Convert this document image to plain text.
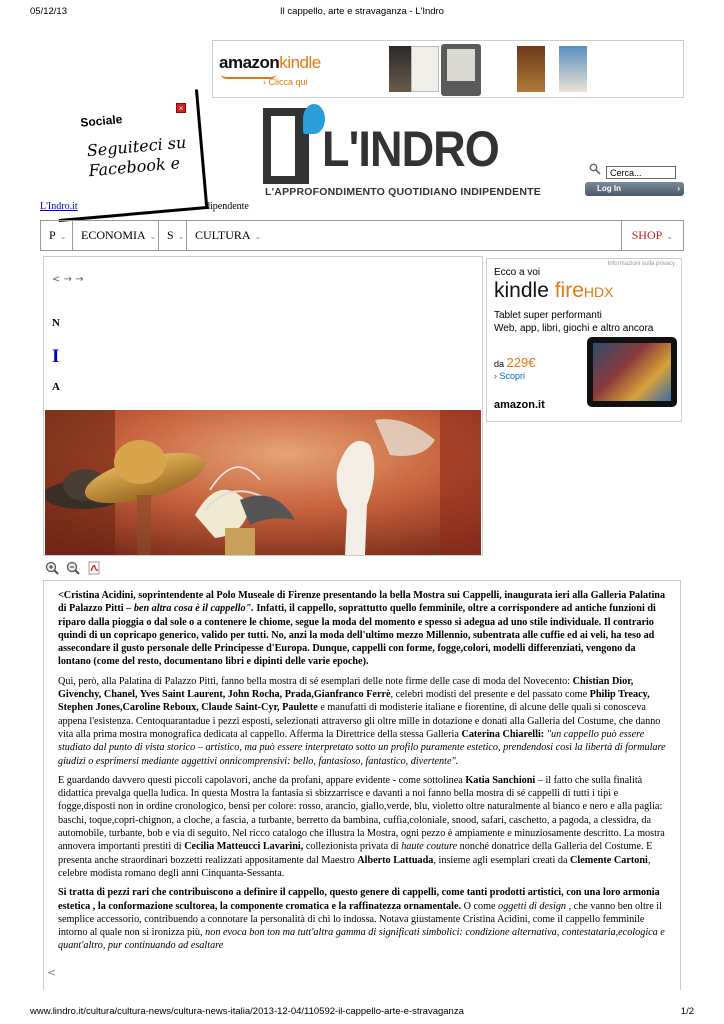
05/12/13	Il cappello, arte e stravaganza - L'Indro
amazonkindle
› Clicca qui
Sociale
Seguiteci su Facebook e
×
L'INDRO
L'APPROFONDIMENTO QUOTIDIANO INDIPENDENTE
Cerca...
Log In	›
L'Indro.it	dipendente
P ⌄	ECONOMIA ⌄ S ⌄ CULTURA ⌄	SHOP ⌄
< → →
N
I
A
Informazioni sulla privacy
Ecco a voi
kindle fireHDX
Tablet super performanti
Web, app, libri, giochi e altro ancora
da 229€
› Scopri
amazon.it

<Cristina Acidini, soprintendente al Polo Museale di Firenze presentando la bella Mostra sui Cappelli, inaugurata ieri alla Galleria Palatina di Palazzo Pitti – ben altra cosa è il cappello". Infatti, il cappello, soprattutto quello femminile, oltre a corrispondere ad antiche funzioni di riparo dalla pioggia o dal sole o a contenere le chiome, segue la moda del momento e spesso si adegua ad uno stile individuale. Il contrario quindi di un copricapo generico, valido per tutti. No, anzi la moda dell'ultimo mezzo Millennio, subentrata alle cuffie ed ai veli, ha teso ad assecondare il gusto personale delle Principesse d'Europa. Dunque, cappelli con forme, fogge,colori, modelli differenziati, vengono da lontano (come del resto, documentano libri e dipinti delle varie epoche).

Qui, però, alla Palatina di Palazzo Pitti, fanno bella mostra di sé esemplari delle note firme delle case di moda del Novecento: Chistian Dior, Givenchy, Chanel, Yves Saint Laurent, John Rocha, Prada,Gianfranco Ferrè, celebri modisti del presente e del passato come Philip Treacy, Stephen Jones,Caroline Reboux, Claude Saint-Cyr, Paulette e manufatti di modisterie italiane e fiorentine, di alcune delle quali si conosceva appena l'esistenza. Centoquarantadue i pezzi esposti, selezionati attraverso gli oltre mille in dotazione e donati alla Galleria del Costume, che danno vita alla prima mostra monografica dedicata al cappello. Afferma la Direttrice della stessa Galleria Caterina Chiarelli: "un cappello può essere studiato dal punto di vista storico – artistico, ma può essere interpretato sotto un profilo puramente estetico, prendendosi così la libertà di formulare giudizi o esprimersi mediante aggettivi onnicomprensivi: bello, fantasioso, fantastico, divertente".

E guardando davvero questi piccoli capolavori, anche da profani, appare evidente - come sottolinea Katia Sanchioni – il fatto che sulla finalità didattica prevalga quella ludica. In questa Mostra la fantasia si sbizzarrisce e davanti a noi fanno bella mostra di sé cappelli di tutti i tipi e fogge,disposti non in ordine cronologico, bensì per colore: rosso, arancio, giallo,verde, blu, violetto oltre naturalmente al bianco e nero e alla paglia: baschi, toque,copri-chignon, a cloche, a fascia, a turbante, berretto da bambina, cuffia,coloniale, snood, safari, caschetto, a pagoda, a clessidra, da automobile, turbante, bob e via di seguito. Nel ricco catalogo che illustra la Mostra, ogni pezzo è ampiamente e minuziosamente descritto. La mostra annovera importanti prestiti di Cecilia Matteucci Lavarini, collezionista privata di haute couture nonché donatrice della Galleria del Costume. E presenta anche straordinari bozzetti realizzati appositamente dal Maestro Alberto Lattuada, insieme agli esemplari creati da Clemente Cartoni, celebre modista romano degli anni Cinquanta-Sessanta.

Si tratta di pezzi rari che contribuiscono a definire il cappello, questo genere di cappelli, come tanti prodotti artistici, con una loro armonia estetica , la conformazione scultorea, la componente cromatica e la raffinatezza ornamentale. O come oggetti di design , che vanno ben oltre il semplice accessorio, contribuendo a connotare la personalità di chi lo indossa. Notava giustamente Cristina Acidini, come il cappello femminile intorno al quale non si ironizza più, non evoca bon ton ma tutt'altra gamma di significati simbolici: condizione alternativa, contestataria,ecologica e quant'altro, pur continuando ad esaltare

<
www.lindro.it/cultura/cultura-news/cultura-news-italia/2013-12-04/110592-il-cappello-arte-e-stravaganza	1/2
